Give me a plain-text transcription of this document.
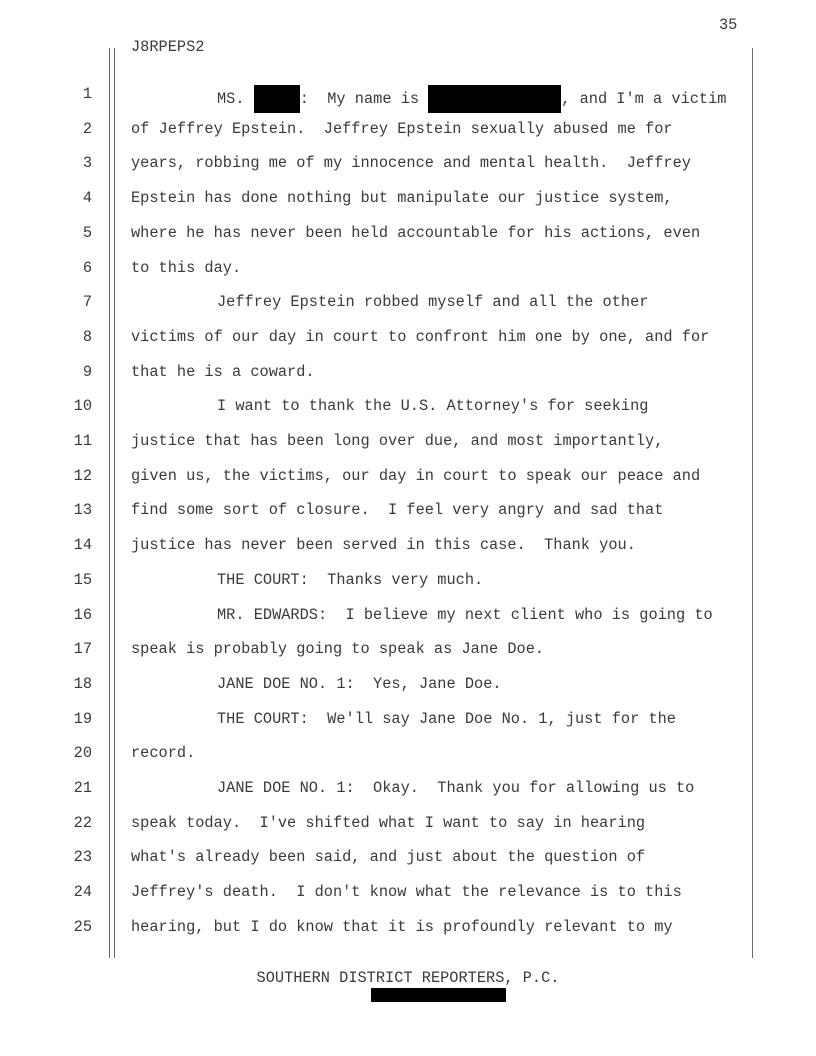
35
J8RPEPS2
1	MS.	:  My name is	, and I'm a victim
2	of Jeffrey Epstein.  Jeffrey Epstein sexually abused me for
3	years, robbing me of my innocence and mental health.  Jeffrey
4	Epstein has done nothing but manipulate our justice system,
5	where he has never been held accountable for his actions, even
6	to this day.
7	Jeffrey Epstein robbed myself and all the other
8	victims of our day in court to confront him one by one, and for
9	that he is a coward.
10	I want to thank the U.S. Attorney's for seeking
11	justice that has been long over due, and most importantly,
12	given us, the victims, our day in court to speak our peace and
13	find some sort of closure.  I feel very angry and sad that
14	justice has never been served in this case.  Thank you.
15	THE COURT:  Thanks very much.
16	MR. EDWARDS:  I believe my next client who is going to
17	speak is probably going to speak as Jane Doe.
18	JANE DOE NO. 1:  Yes, Jane Doe.
19	THE COURT:  We'll say Jane Doe No. 1, just for the
20	record.
21	JANE DOE NO. 1:  Okay.  Thank you for allowing us to
22	speak today.  I've shifted what I want to say in hearing
23	what's already been said, and just about the question of
24	Jeffrey's death.  I don't know what the relevance is to this
25	hearing, but I do know that it is profoundly relevant to my
SOUTHERN DISTRICT REPORTERS, P.C.
